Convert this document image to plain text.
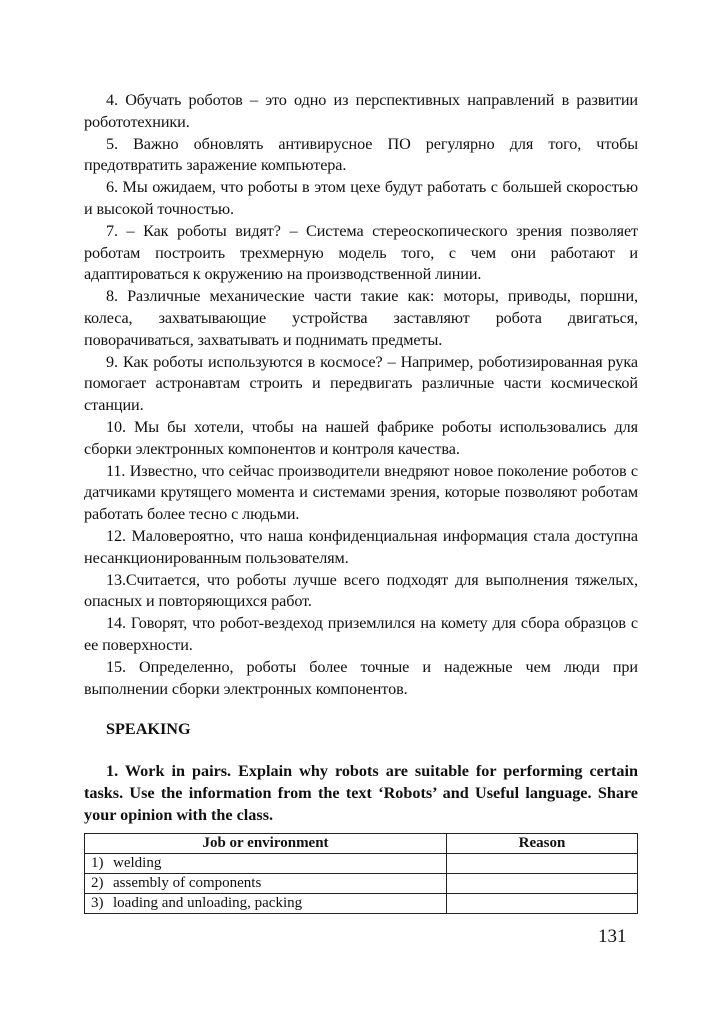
4. Обучать роботов – это одно из перспективных направлений в развитии робототехники.

5. Важно обновлять антивирусное ПО регулярно для того, чтобы предотвратить заражение компьютера.

6. Мы ожидаем, что роботы в этом цехе будут работать с большей скоростью и высокой точностью.

7. – Как роботы видят? – Система стереоскопического зрения позволяет роботам построить трехмерную модель того, с чем они работают и адаптироваться к окружению на производственной линии.

8. Различные механические части такие как: моторы, приводы, поршни, колеса, захватывающие устройства заставляют робота двигаться, поворачиваться, захватывать и поднимать предметы.

9. Как роботы используются в космосе? – Например, роботизированная рука помогает астронавтам строить и передвигать различные части космической станции.

10. Мы бы хотели, чтобы на нашей фабрике роботы использовались для сборки электронных компонентов и контроля качества.

11. Известно, что сейчас производители внедряют новое поколение роботов с датчиками крутящего момента и системами зрения, которые позволяют роботам работать более тесно с людьми.

12. Маловероятно, что наша конфиденциальная информация стала доступна несанкционированным пользователям.

13.Считается, что роботы лучше всего подходят для выполнения тяжелых, опасных и повторяющихся работ.

14. Говорят, что робот-вездеход приземлился на комету для сбора образцов с ее поверхности.

15. Определенно, роботы более точные и надежные чем люди при выполнении сборки электронных компонентов.

SPEAKING
1. Work in pairs. Explain why robots are suitable for performing certain tasks. Use the information from the text ‘Robots’ and Useful language. Share your opinion with the class.
Job or environment	Reason
1) welding	
2) assembly of components	
3) loading and unloading, packing	
131
